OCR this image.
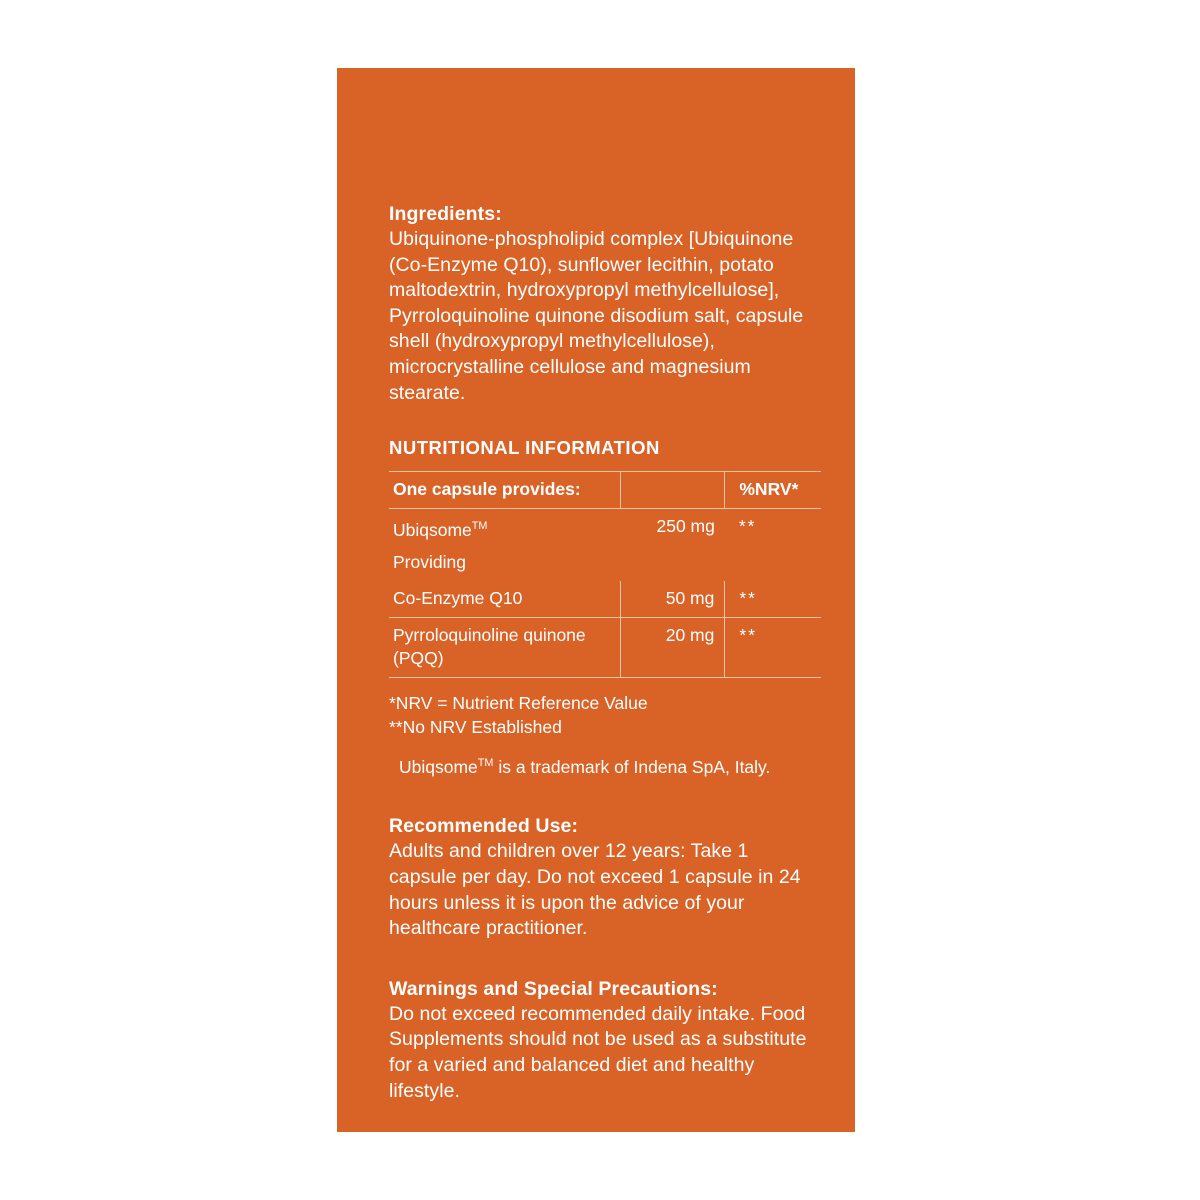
Ingredients:
Ubiquinone-phospholipid complex [Ubiquinone (Co-Enzyme Q10), sunflower lecithin, potato maltodextrin, hydroxypropyl methylcellulose], Pyrroloquinoline quinone disodium salt, capsule shell (hydroxypropyl methylcellulose), microcrystalline cellulose and magnesium stearate.
NUTRITIONAL INFORMATION
One capsule provides:		%NRV*
Ubiqsome™	250 mg	**
Providing		
Co-Enzyme Q10	50 mg	**
Pyrroloquinoline quinone (PQQ)	20 mg	**
*NRV = Nutrient Reference Value
**No NRV Established
Ubiqsome™ is a trademark of Indena SpA, Italy.
Recommended Use:
Adults and children over 12 years: Take 1 capsule per day. Do not exceed 1 capsule in 24 hours unless it is upon the advice of your healthcare practitioner.
Warnings and Special Precautions:
Do not exceed recommended daily intake. Food Supplements should not be used as a substitute for a varied and balanced diet and healthy lifestyle.
